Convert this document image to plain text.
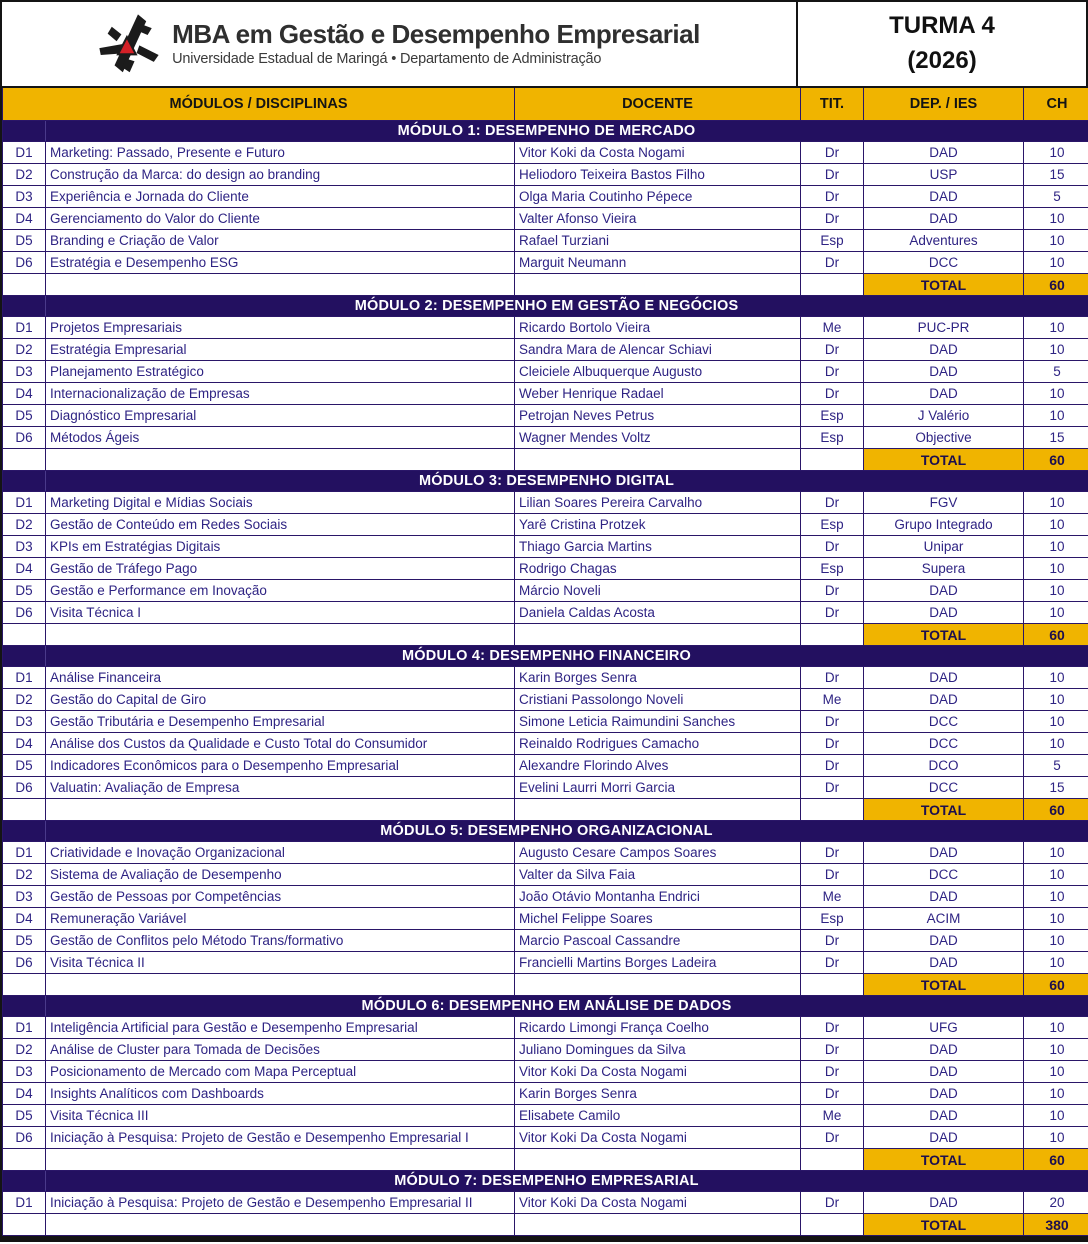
MBA em Gestão e Desempenho Empresarial
Universidade Estadual de Maringá • Departamento de Administração
TURMA 4
(2026)
MÓDULOS / DISCIPLINAS		DOCENTE	TIT.	DEP. / IES	CH
	MÓDULO 1: DESEMPENHO DE MERCADO				
D1	Marketing: Passado, Presente e Futuro	Vitor Koki da Costa Nogami	Dr	DAD	10
D2	Construção da Marca: do design ao branding	Heliodoro Teixeira Bastos Filho	Dr	USP	15
D3	Experiência e Jornada do Cliente	Olga Maria Coutinho Pépece	Dr	DAD	5
D4	Gerenciamento do Valor do Cliente	Valter Afonso Vieira	Dr	DAD	10
D5	Branding e Criação de Valor	Rafael Turziani	Esp	Adventures	10
D6	Estratégia e Desempenho ESG	Marguit Neumann	Dr	DCC	10
				TOTAL	60
	MÓDULO 2: DESEMPENHO EM GESTÃO E NEGÓCIOS				
D1	Projetos Empresariais	Ricardo Bortolo Vieira	Me	PUC-PR	10
D2	Estratégia Empresarial	Sandra Mara de Alencar Schiavi	Dr	DAD	10
D3	Planejamento Estratégico	Cleiciele Albuquerque Augusto	Dr	DAD	5
D4	Internacionalização de Empresas	Weber Henrique Radael	Dr	DAD	10
D5	Diagnóstico Empresarial	Petrojan Neves Petrus	Esp	J Valério	10
D6	Métodos Ágeis	Wagner Mendes Voltz	Esp	Objective	15
				TOTAL	60
	MÓDULO 3: DESEMPENHO DIGITAL				
D1	Marketing Digital e Mídias Sociais	Lilian Soares Pereira Carvalho	Dr	FGV	10
D2	Gestão de Conteúdo em Redes Sociais	Yarê Cristina Protzek	Esp	Grupo Integrado	10
D3	KPIs em Estratégias Digitais	Thiago Garcia Martins	Dr	Unipar	10
D4	Gestão de Tráfego Pago	Rodrigo Chagas	Esp	Supera	10
D5	Gestão e Performance em Inovação	Márcio Noveli	Dr	DAD	10
D6	Visita Técnica I	Daniela Caldas Acosta	Dr	DAD	10
				TOTAL	60
	MÓDULO 4: DESEMPENHO FINANCEIRO				
D1	Análise Financeira	Karin Borges Senra	Dr	DAD	10
D2	Gestão do Capital de Giro	Cristiani Passolongo Noveli	Me	DAD	10
D3	Gestão Tributária e Desempenho Empresarial	Simone Leticia Raimundini Sanches	Dr	DCC	10
D4	Análise dos Custos da Qualidade e Custo Total do Consumidor	Reinaldo Rodrigues Camacho	Dr	DCC	10
D5	Indicadores Econômicos para o Desempenho Empresarial	Alexandre Florindo Alves	Dr	DCO	5
D6	Valuatin: Avaliação de Empresa	Evelini Laurri Morri Garcia	Dr	DCC	15
				TOTAL	60
	MÓDULO 5: DESEMPENHO ORGANIZACIONAL				
D1	Criatividade e Inovação Organizacional	Augusto Cesare Campos Soares	Dr	DAD	10
D2	Sistema de Avaliação de Desempenho	Valter da Silva Faia	Dr	DCC	10
D3	Gestão de Pessoas por Competências	João Otávio Montanha Endrici	Me	DAD	10
D4	Remuneração Variável	Michel Felippe Soares	Esp	ACIM	10
D5	Gestão de Conflitos pelo Método Trans/formativo	Marcio Pascoal Cassandre	Dr	DAD	10
D6	Visita Técnica II	Francielli Martins Borges Ladeira	Dr	DAD	10
				TOTAL	60
	MÓDULO 6: DESEMPENHO EM ANÁLISE DE DADOS				
D1	Inteligência Artificial para Gestão e Desempenho Empresarial	Ricardo Limongi França Coelho	Dr	UFG	10
D2	Análise de Cluster para Tomada de Decisões	Juliano Domingues da Silva	Dr	DAD	10
D3	Posicionamento de Mercado com Mapa Perceptual	Vitor Koki Da Costa Nogami	Dr	DAD	10
D4	Insights Analíticos com Dashboards	Karin Borges Senra	Dr	DAD	10
D5	Visita Técnica III	Elisabete Camilo	Me	DAD	10
D6	Iniciação à Pesquisa: Projeto de Gestão e Desempenho Empresarial I	Vitor Koki Da Costa Nogami	Dr	DAD	10
				TOTAL	60
	MÓDULO 7: DESEMPENHO EMPRESARIAL				
D1	Iniciação à Pesquisa: Projeto de Gestão e Desempenho Empresarial II	Vitor Koki Da Costa Nogami	Dr	DAD	20
				TOTAL	380
